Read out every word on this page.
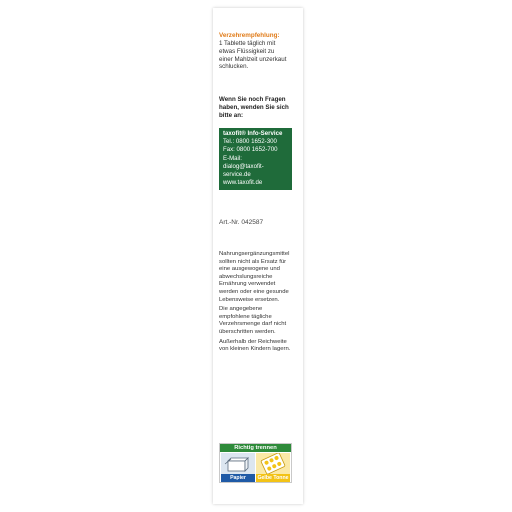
Verzehrempfehlung:
1 Tablette täglich mit
etwas Flüssigkeit zu
einer Mahlzeit unzerkaut
schlucken.
Wenn Sie noch Fragen
haben, wenden Sie sich
bitte an:
taxofit® Info-Service
Tel.: 0800 1652-300
Fax: 0800 1652-700
E-Mail:
dialog@taxofit-service.de
www.taxofit.de
Art.-Nr. 042587

Nahrungsergänzungsmittel
sollten nicht als Ersatz für
eine ausgewogene und
abwechslungsreiche
Ernährung verwendet
werden oder eine gesunde
Lebensweise ersetzen.

Die angegebene
empfohlene tägliche
Verzehrsmenge darf nicht
überschritten werden.

Außerhalb der Reichweite
von kleinen Kindern lagern.

Richtig trennen
Papier	Gelbe Tonne
